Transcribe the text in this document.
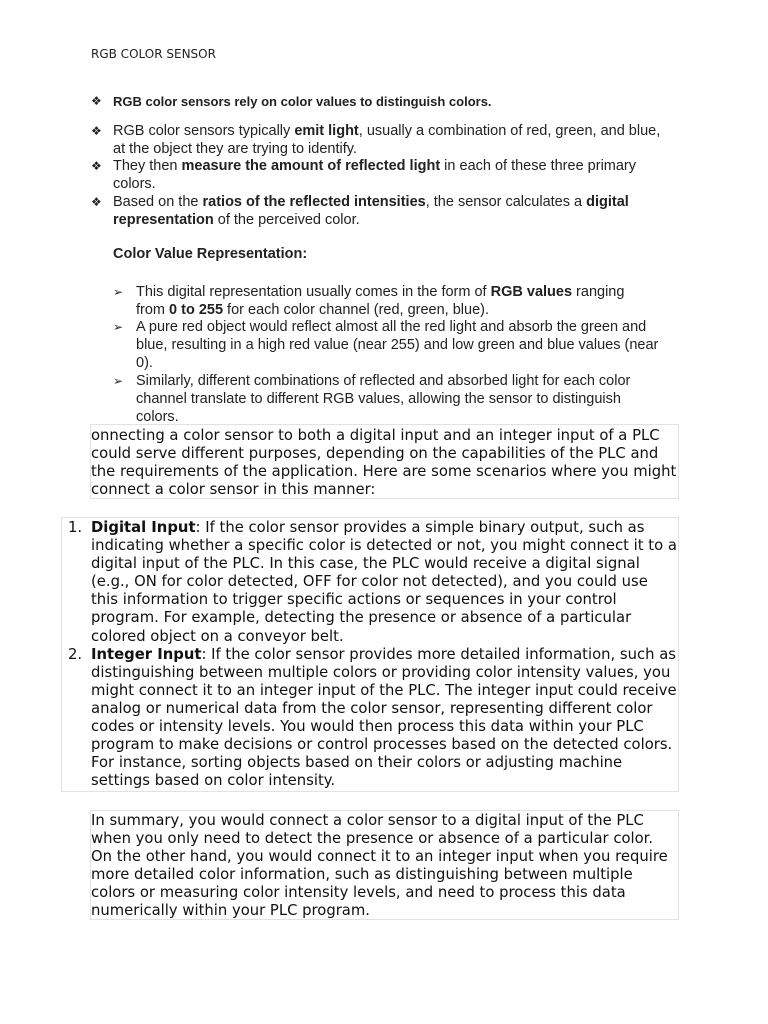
RGB COLOR SENSOR
❖ RGB color sensors rely on color values to distinguish colors.
❖ RGB color sensors typically emit light, usually a combination of red, green, and blue, at the object they are trying to identify.
❖ They then measure the amount of reflected light in each of these three primary colors.
❖ Based on the ratios of the reflected intensities, the sensor calculates a digital representation of the perceived color.
Color Value Representation:
➢ This digital representation usually comes in the form of RGB values ranging from 0 to 255 for each color channel (red, green, blue).
➢ A pure red object would reflect almost all the red light and absorb the green and blue, resulting in a high red value (near 255) and low green and blue values (near 0).
➢ Similarly, different combinations of reflected and absorbed light for each color channel translate to different RGB values, allowing the sensor to distinguish colors.
onnecting a color sensor to both a digital input and an integer input of a PLC could serve different purposes, depending on the capabilities of the PLC and the requirements of the application. Here are some scenarios where you might connect a color sensor in this manner:
1. Digital Input: If the color sensor provides a simple binary output, such as indicating whether a specific color is detected or not, you might connect it to a digital input of the PLC. In this case, the PLC would receive a digital signal (e.g., ON for color detected, OFF for color not detected), and you could use this information to trigger specific actions or sequences in your control program. For example, detecting the presence or absence of a particular colored object on a conveyor belt.
2. Integer Input: If the color sensor provides more detailed information, such as distinguishing between multiple colors or providing color intensity values, you might connect it to an integer input of the PLC. The integer input could receive analog or numerical data from the color sensor, representing different color codes or intensity levels. You would then process this data within your PLC program to make decisions or control processes based on the detected colors. For instance, sorting objects based on their colors or adjusting machine settings based on color intensity.
In summary, you would connect a color sensor to a digital input of the PLC when you only need to detect the presence or absence of a particular color. On the other hand, you would connect it to an integer input when you require more detailed color information, such as distinguishing between multiple colors or measuring color intensity levels, and need to process this data numerically within your PLC program.
